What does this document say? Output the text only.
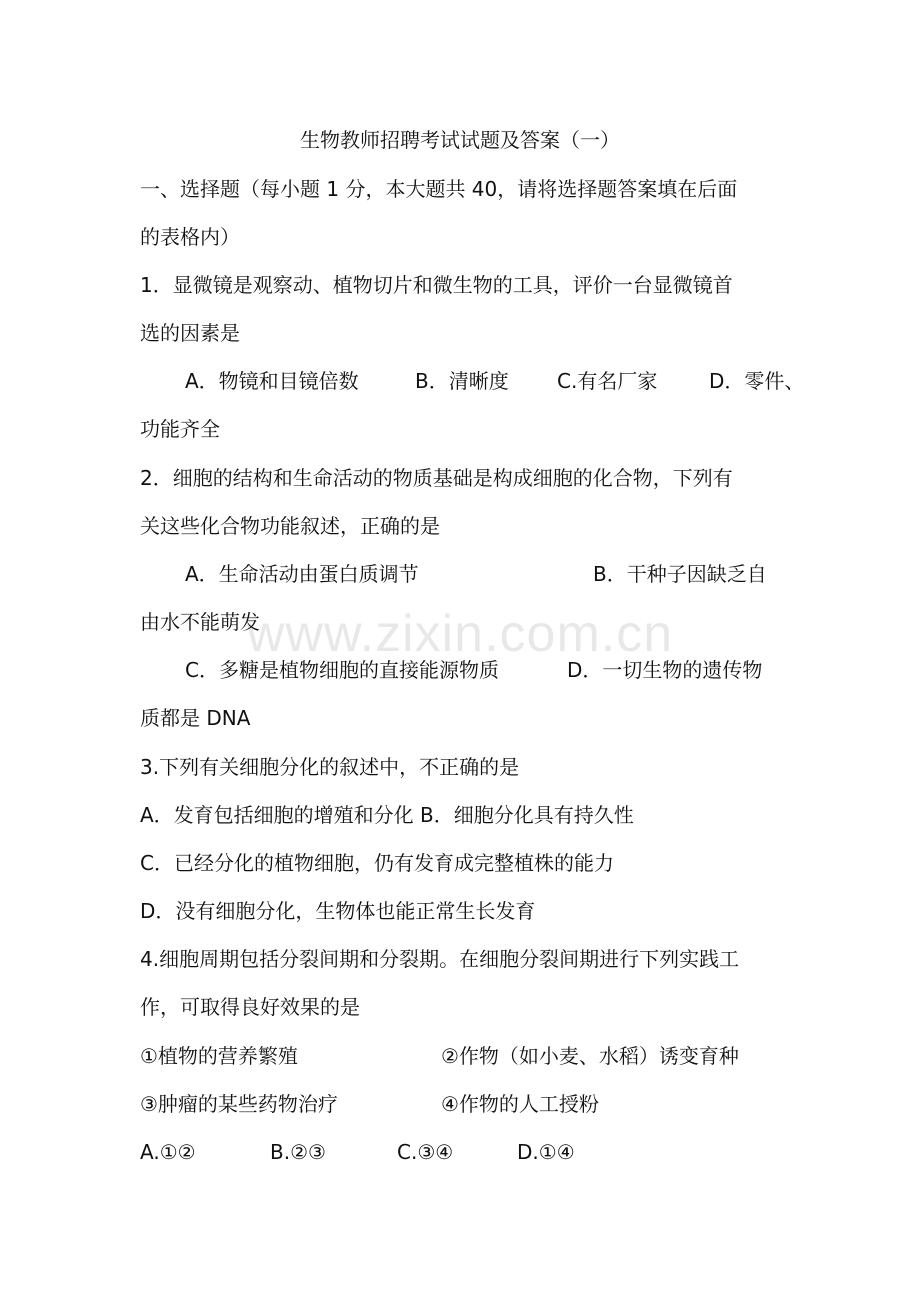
生物教师招聘考试试题及答案（一）
一、选择题（每小题 1 分，本大题共 40，请将选择题答案填在后面
的表格内）
1．显微镜是观察动、植物切片和微生物的工具，评价一台显微镜首
选的因素是
A．物镜和目镜倍数	B．清晰度 C.有名厂家	D．零件、
功能齐全
2．细胞的结构和生命活动的物质基础是构成细胞的化合物，下列有
关这些化合物功能叙述，正确的是
A．生命活动由蛋白质调节	B．干种子因缺乏自
由水不能萌发
C．多糖是植物细胞的直接能源物质	D．一切生物的遗传物
质都是 DNA
3.下列有关细胞分化的叙述中，不正确的是
A．发育包括细胞的增殖和分化 B．细胞分化具有持久性
C．已经分化的植物细胞，仍有发育成完整植株的能力
D．没有细胞分化，生物体也能正常生长发育
4.细胞周期包括分裂间期和分裂期。在细胞分裂间期进行下列实践工
作，可取得良好效果的是
①植物的营养繁殖	②作物（如小麦、水稻）诱变育种
③肿瘤的某些药物治疗	④作物的人工授粉
A.①②	B.②③	C.③④	D.①④
www.zixin.com.cn
